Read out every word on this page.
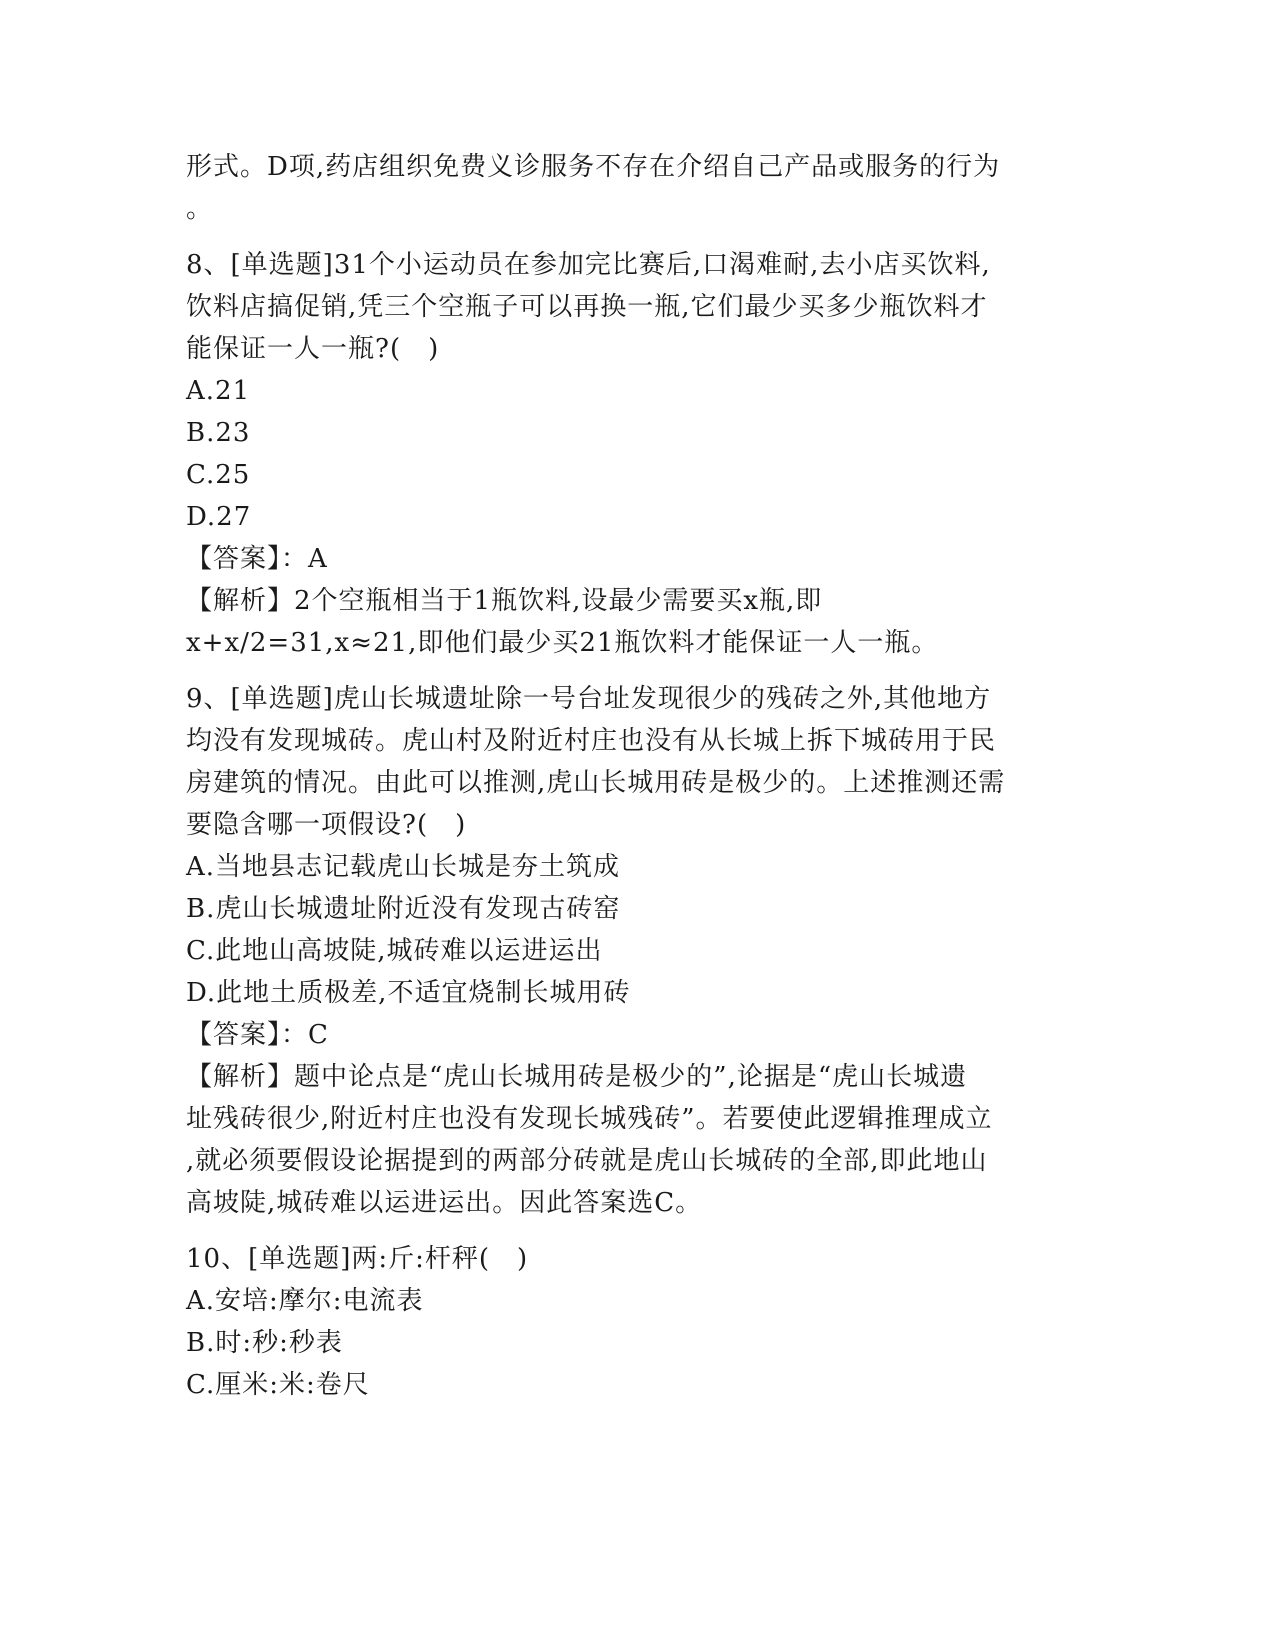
形式。D项,药店组织免费义诊服务不存在介绍自己产品或服务的行为
。
8、[单选题]31个小运动员在参加完比赛后,口渴难耐,去小店买饮料,
饮料店搞促销,凭三个空瓶子可以再换一瓶,它们最少买多少瓶饮料才
能保证一人一瓶?(　)
A.21
B.23
C.25
D.27
【答案】：A
【解析】2个空瓶相当于1瓶饮料,设最少需要买x瓶,即
x+x/2=31,x≈21,即他们最少买21瓶饮料才能保证一人一瓶。
9、[单选题]虎山长城遗址除一号台址发现很少的残砖之外,其他地方
均没有发现城砖。虎山村及附近村庄也没有从长城上拆下城砖用于民
房建筑的情况。由此可以推测,虎山长城用砖是极少的。上述推测还需
要隐含哪一项假设?(　)
A.当地县志记载虎山长城是夯土筑成
B.虎山长城遗址附近没有发现古砖窑
C.此地山高坡陡,城砖难以运进运出
D.此地土质极差,不适宜烧制长城用砖
【答案】：C
【解析】题中论点是“虎山长城用砖是极少的”,论据是“虎山长城遗
址残砖很少,附近村庄也没有发现长城残砖”。若要使此逻辑推理成立
,就必须要假设论据提到的两部分砖就是虎山长城砖的全部,即此地山
高坡陡,城砖难以运进运出。因此答案选C。
10、[单选题]两:斤:杆秤(　)
A.安培:摩尔:电流表
B.时:秒:秒表
C.厘米:米:卷尺
